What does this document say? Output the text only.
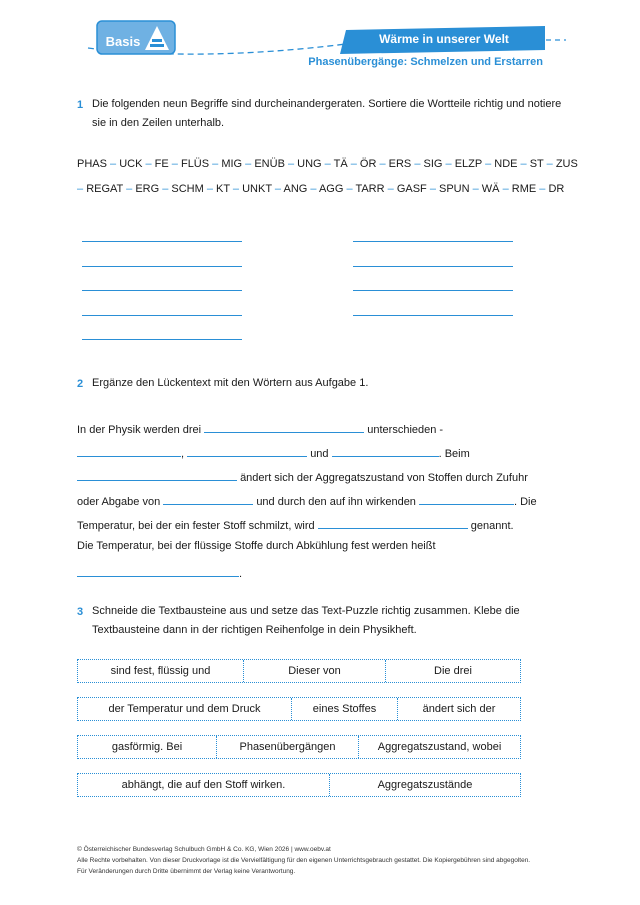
Basis	Wärme in unserer Welt
Phasenübergänge: Schmelzen und Erstarren
1 Die folgenden neun Begriffe sind durcheinandergeraten. Sortiere die Wortteile richtig und notiere
sie in den Zeilen unterhalb.
PHAS – UCK – FE – FLÜS – MIG – ENÜB – UNG – TÄ – ÖR – ERS – SIG – ELZP – NDE – ST – ZUS
– REGAT – ERG – SCHM – KT – UNKT – ANG – AGG – TARR – GASF – SPUN – WÄ – RME – DR
2 Ergänze den Lückentext mit den Wörtern aus Aufgabe 1.
In der Physik werden drei	unterschieden -
,	und	. Beim
ändert sich der Aggregatszustand von Stoffen durch Zufuhr
oder Abgabe von	und durch den auf ihn wirkenden	. Die
Temperatur, bei der ein fester Stoff schmilzt, wird	genannt.
Die Temperatur, bei der flüssige Stoffe durch Abkühlung fest werden heißt
.
3 Schneide die Textbausteine aus und setze das Text-Puzzle richtig zusammen. Klebe die
Textbausteine dann in der richtigen Reihenfolge in dein Physikheft.
sind fest, flüssig und	Dieser von	Die drei
der Temperatur und dem Druck	eines Stoffes	ändert sich der
gasförmig. Bei	Phasenübergängen	Aggregatszustand, wobei
abhängt, die auf den Stoff wirken.	Aggregatszustände
© Österreichischer Bundesverlag Schulbuch GmbH & Co. KG, Wien 2026 | www.oebv.at
Alle Rechte vorbehalten. Von dieser Druckvorlage ist die Vervielfältigung für den eigenen Unterrichtsgebrauch gestattet. Die Kopiergebühren sind abgegolten.
Für Veränderungen durch Dritte übernimmt der Verlag keine Verantwortung.
